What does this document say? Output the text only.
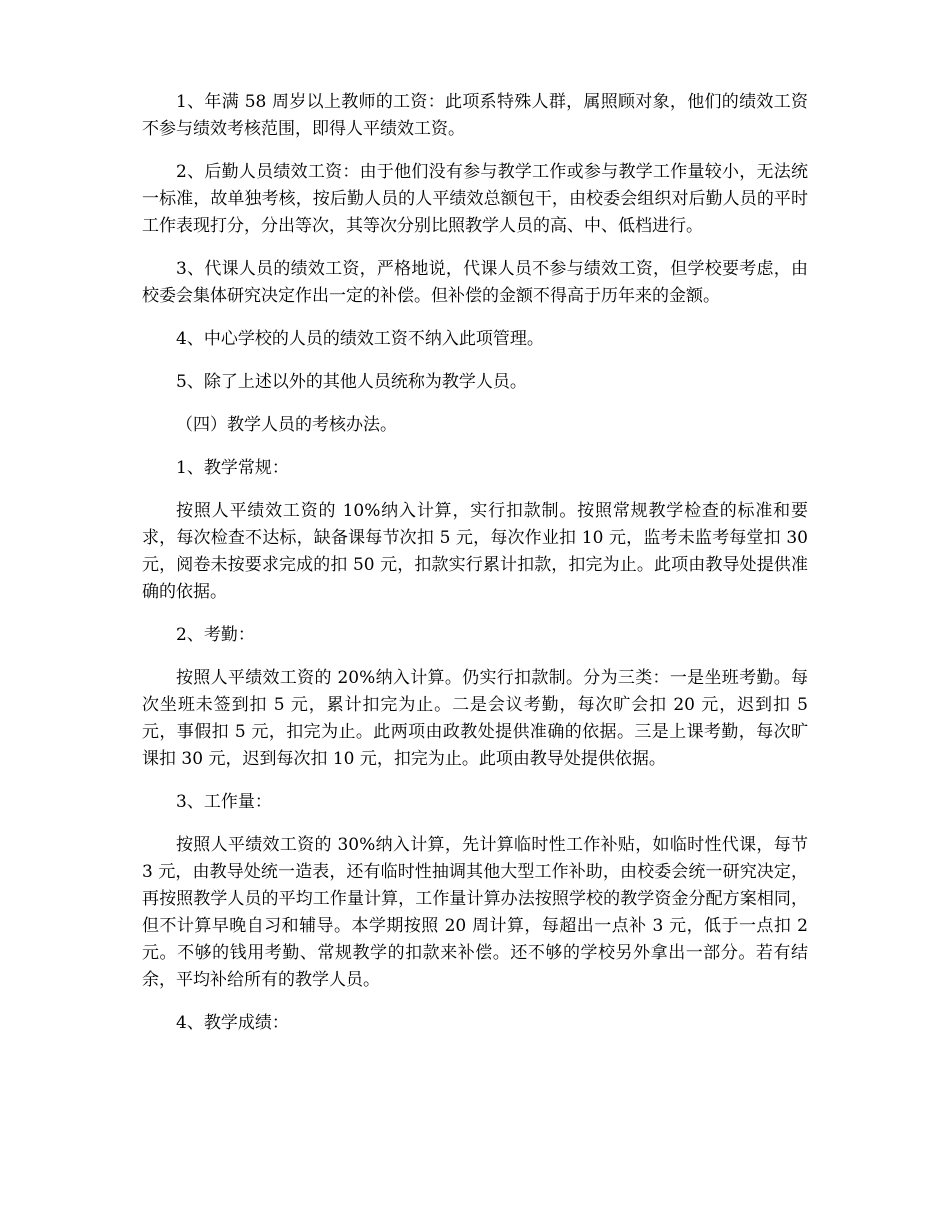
1、年满 58 周岁以上教师的工资：此项系特殊人群，属照顾对象，他们的绩效工资不参与绩效考核范围，即得人平绩效工资。

2、后勤人员绩效工资：由于他们没有参与教学工作或参与教学工作量较小，无法统一标准，故单独考核，按后勤人员的人平绩效总额包干，由校委会组织对后勤人员的平时工作表现打分，分出等次，其等次分别比照教学人员的高、中、低档进行。

3、代课人员的绩效工资，严格地说，代课人员不参与绩效工资，但学校要考虑，由校委会集体研究决定作出一定的补偿。但补偿的金额不得高于历年来的金额。

4、中心学校的人员的绩效工资不纳入此项管理。

5、除了上述以外的其他人员统称为教学人员。

（四）教学人员的考核办法。

1、教学常规：

按照人平绩效工资的 10%纳入计算，实行扣款制。按照常规教学检查的标准和要求，每次检查不达标，缺备课每节次扣 5 元，每次作业扣 10 元，监考未监考每堂扣 30 元，阅卷未按要求完成的扣 50 元，扣款实行累计扣款，扣完为止。此项由教导处提供准确的依据。

2、考勤：

按照人平绩效工资的 20%纳入计算。仍实行扣款制。分为三类：一是坐班考勤。每次坐班未签到扣 5 元，累计扣完为止。二是会议考勤，每次旷会扣 20 元，迟到扣 5 元，事假扣 5 元，扣完为止。此两项由政教处提供准确的依据。三是上课考勤，每次旷课扣 30 元，迟到每次扣 10 元，扣完为止。此项由教导处提供依据。

3、工作量：

按照人平绩效工资的 30%纳入计算，先计算临时性工作补贴，如临时性代课，每节 3 元，由教导处统一造表，还有临时性抽调其他大型工作补助，由校委会统一研究决定，再按照教学人员的平均工作量计算，工作量计算办法按照学校的教学资金分配方案相同，但不计算早晚自习和辅导。本学期按照 20 周计算，每超出一点补 3 元，低于一点扣 2 元。不够的钱用考勤、常规教学的扣款来补偿。还不够的学校另外拿出一部分。若有结余，平均补给所有的教学人员。

4、教学成绩：
